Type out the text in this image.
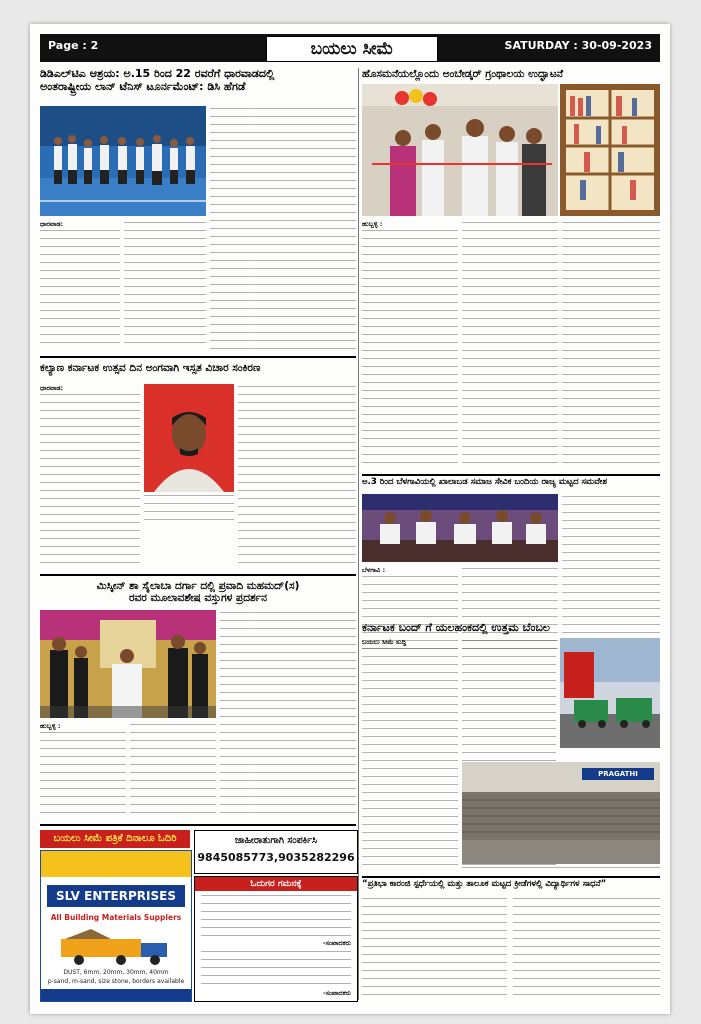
Page : 2	ಬಯಲು ಸೀಮೆ	SATURDAY : 30-09-2023
ಡಿಡಿಎಲ್‌ಟಿಎ ಆಶ್ರಯ: ಅ.15 ರಿಂದ 22 ರವರೆಗೆ ಧಾರವಾಡದಲ್ಲಿ
ಅಂತರಾಷ್ಟ್ರೀಯ ಲಾನ್ ಟೆನಿಸ್ ಟೂರ್ನಮೆಂಟ್: ಡಿಸಿ ಹೆಗಡೆ
ಧಾರವಾಡ:
ಕಲ್ಯಾಣ ಕರ್ನಾಟಕ ಉತ್ಸವ ದಿನ ಅಂಗವಾಗಿ ಇಸ್ಸತ ವಿಚಾರ ಸಂಕಿರಣ
ಧಾರವಾಡ:
ಮಿಸ್ಕೀನ್ ಶಾ ಸೈಲಾಬಾ ದರ್ಗಾ ದಲ್ಲಿ ಪ್ರವಾದಿ ಮಹಮದ್(ಸ)
ರವರ ಮೂಲಾವಶೇಷ ವಸ್ತುಗಳ ಪ್ರದರ್ಶನ
ಹುಬ್ಬಳ್ಳಿ :
ಬಯಲು ಸೀಮೆ ಪತ್ರಿಕೆ ದಿನಾಲೂ ಓದಿರಿ
SLV ENTERPRISES
All Building Materials Supplers
DUST, 6mm, 20mm, 30mm, 40mm
p-sand, m-sand, size stone, borders available
ಜಾಹೀರಾತುಗಾಗಿ ಸಂಪರ್ಕಿಸಿ
9845085773,9035282296
ಓದುಗರ ಗಮನಕ್ಕೆ
-ಸಂಪಾದಕರು
-ಸಂಪಾದಕರು
ಹೊಸಮನೆಯಲ್ಲೊಂದು ಅಂಬೇಡ್ಕರ್ ಗ್ರಂಥಾಲಯ ಉದ್ಘಾಟನೆ
ಹುಬ್ಬಳ್ಳಿ :
ಅ.3 ರಿಂದ ಬೆಳಗಾವಿಯಲ್ಲಿ ಖಾಲಾಬಡ ಸಮಾಜ ಸೇವಿಕ ಬಂದಿಯ ರಾಜ್ಯ ಮಟ್ಟದ ಸಮವೇಶ
ಬೆಳಗಾವಿ :
ಕರ್ನಾಟಕ ಬಂದ್ ಗೆ ಯಲಹಂಕದಲ್ಲಿ ಉತ್ತಮ ಬೆಂಬಲ
ಬಯಲು ಸೀಮೆ ಸುದ್ದಿ
PRAGATHI
“ಪ್ರತಿಭಾ ಕಾರಂಜಿ ಸ್ಪರ್ಧೆಯಲ್ಲಿ ಮತ್ತು ತಾಲೂಕ ಮಟ್ಟದ ಕ್ರೀಡೆಗಳಲ್ಲಿ ವಿದ್ಯಾರ್ಥಿಗಳ ಸಾಧನೆ”
